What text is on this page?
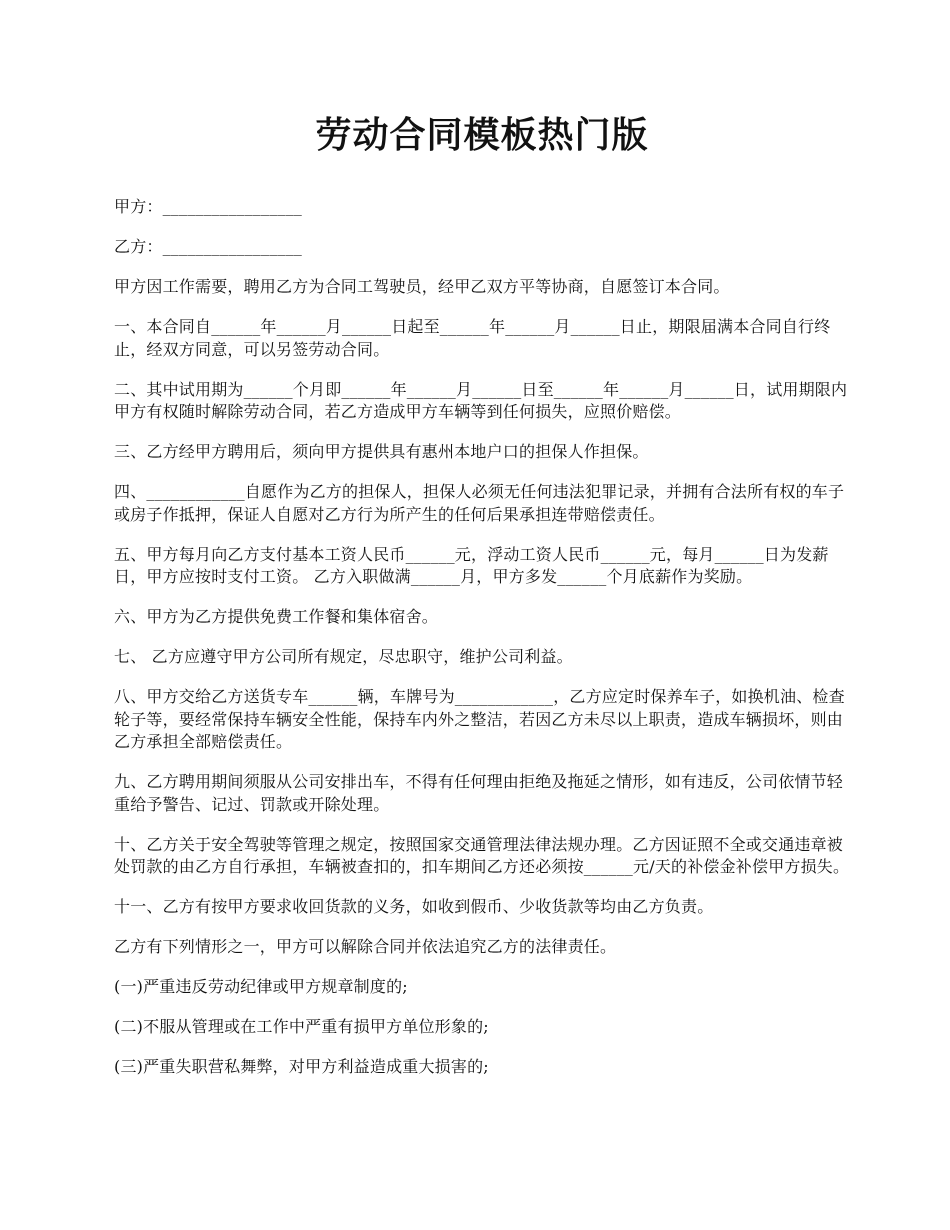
劳动合同模板热门版

甲方：_________________

乙方：_________________

甲方因工作需要，聘用乙方为合同工驾驶员，经甲乙双方平等协商，自愿签订本合同。

一、本合同自______年______月______日起至______年______月______日止，期限届满本合同自行终止，经双方同意，可以另签劳动合同。

二、其中试用期为______个月即______年______月______日至______年______月______日，试用期限内甲方有权随时解除劳动合同，若乙方造成甲方车辆等到任何损失，应照价赔偿。

三、乙方经甲方聘用后，须向甲方提供具有惠州本地户口的担保人作担保。

四、____________自愿作为乙方的担保人，担保人必须无任何违法犯罪记录，并拥有合法所有权的车子或房子作抵押，保证人自愿对乙方行为所产生的任何后果承担连带赔偿责任。

五、甲方每月向乙方支付基本工资人民币______元，浮动工资人民币______元，每月______日为发薪日，甲方应按时支付工资。 乙方入职做满______月，甲方多发______个月底薪作为奖励。

六、甲方为乙方提供免费工作餐和集体宿舍。

七、 乙方应遵守甲方公司所有规定，尽忠职守，维护公司利益。

八、甲方交给乙方送货专车______辆，车牌号为____________，乙方应定时保养车子，如换机油、检查轮子等，要经常保持车辆安全性能，保持车内外之整洁，若因乙方未尽以上职责，造成车辆损坏，则由乙方承担全部赔偿责任。

九、乙方聘用期间须服从公司安排出车，不得有任何理由拒绝及拖延之情形，如有违反，公司依情节轻重给予警告、记过、罚款或开除处理。

十、乙方关于安全驾驶等管理之规定，按照国家交通管理法律法规办理。乙方因证照不全或交通违章被处罚款的由乙方自行承担，车辆被查扣的，扣车期间乙方还必须按______元/天的补偿金补偿甲方损失。

十一、乙方有按甲方要求收回货款的义务，如收到假币、少收货款等均由乙方负责。

乙方有下列情形之一，甲方可以解除合同并依法追究乙方的法律责任。

(一)严重违反劳动纪律或甲方规章制度的;

(二)不服从管理或在工作中严重有损甲方单位形象的;

(三)严重失职营私舞弊，对甲方利益造成重大损害的;
